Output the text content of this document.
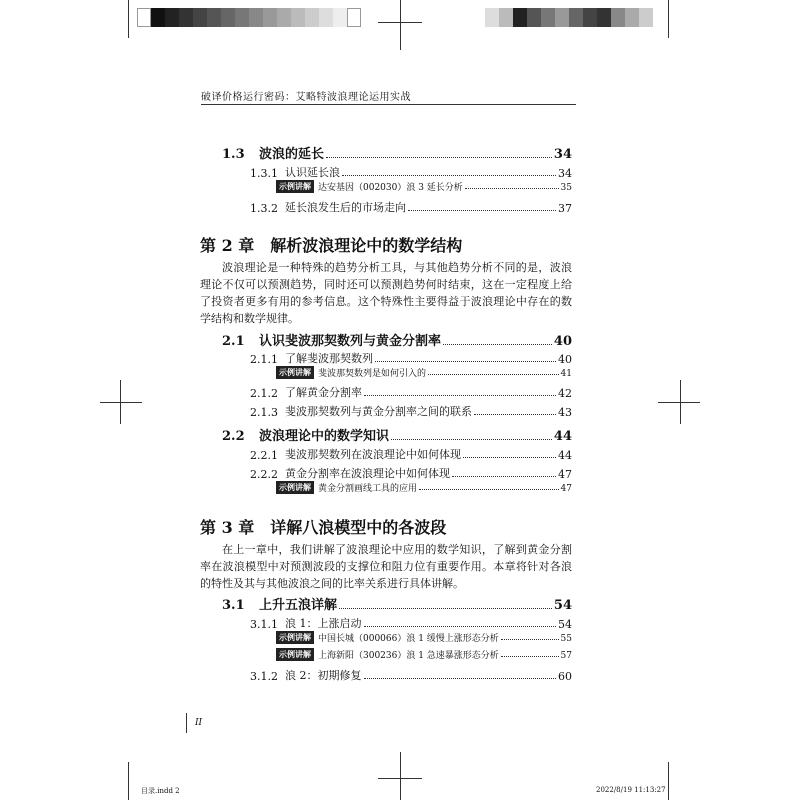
破译价格运行密码：艾略特波浪理论运用实战
1.3	波浪的延长	34
1.3.1 认识延长浪	34
示例讲解 达安基因（002030）浪 3 延长分析	35
1.3.2 延长浪发生后的市场走向	37
第 2 章　解析波浪理论中的数学结构
波浪理论是一种特殊的趋势分析工具，与其他趋势分析不同的是，波浪理论不仅可以预测趋势，同时还可以预测趋势何时结束，这在一定程度上给了投资者更多有用的参考信息。这个特殊性主要得益于波浪理论中存在的数学结构和数学规律。
2.1	认识斐波那契数列与黄金分割率	40
2.1.1 了解斐波那契数列	40
示例讲解 斐波那契数列是如何引入的	41
2.1.2 了解黄金分割率	42
2.1.3 斐波那契数列与黄金分割率之间的联系	43
2.2	波浪理论中的数学知识	44
2.2.1 斐波那契数列在波浪理论中如何体现	44
2.2.2 黄金分割率在波浪理论中如何体现	47
示例讲解 黄金分割画线工具的应用	47
第 3 章　详解八浪模型中的各波段
在上一章中，我们讲解了波浪理论中应用的数学知识，了解到黄金分割率在波浪模型中对预测波段的支撑位和阻力位有重要作用。本章将针对各浪的特性及其与其他波浪之间的比率关系进行具体讲解。
3.1	上升五浪详解	54
3.1.1 浪 1：上涨启动	54
示例讲解 中国长城（000066）浪 1 缓慢上涨形态分析	55
示例讲解 上海新阳（300236）浪 1 急速暴涨形态分析	57
3.1.2 浪 2：初期修复	60
II
目录.indd 2	2022/8/19 11:13:27
